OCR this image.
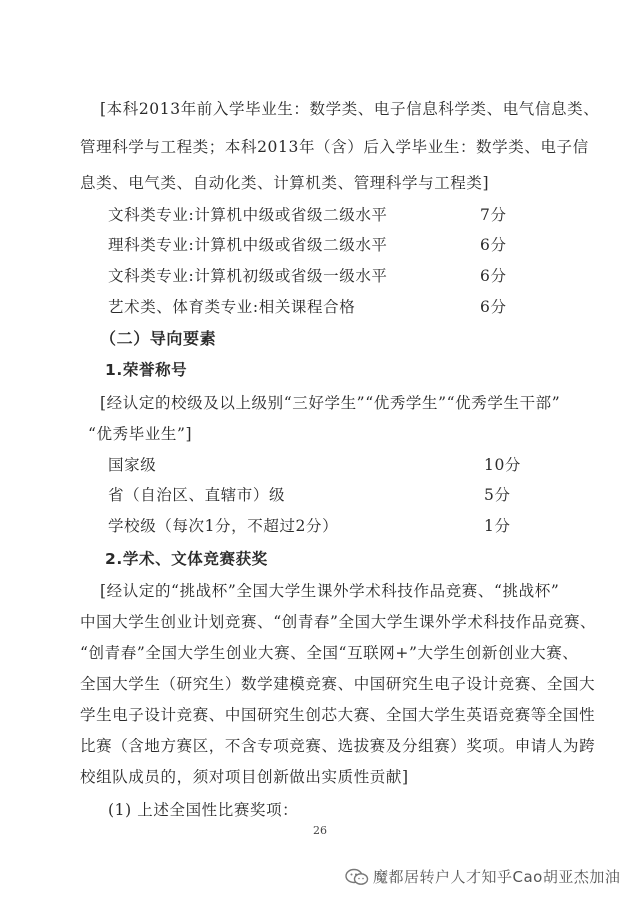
[本科2013年前入学毕业生：数学类、电子信息科学类、电气信息类、
管理科学与工程类；本科2013年（含）后入学毕业生：数学类、电子信
息类、电气类、自动化类、计算机类、管理科学与工程类]
文科类专业:计算机中级或省级二级水平	7分
理科类专业:计算机中级或省级二级水平	6分
文科类专业:计算机初级或省级一级水平	6分
艺术类、体育类专业:相关课程合格	6分
（二）导向要素
1.荣誉称号
[经认定的校级及以上级别“三好学生”“优秀学生”“优秀学生干部”
“优秀毕业生”]
国家级	10分
省（自治区、直辖市）级	5分
学校级（每次1分，不超过2分）	1分
2.学术、文体竞赛获奖
[经认定的“挑战杯”全国大学生课外学术科技作品竞赛、“挑战杯”
中国大学生创业计划竞赛、“创青春”全国大学生课外学术科技作品竞赛、
“创青春”全国大学生创业大赛、全国“互联网+”大学生创新创业大赛、
全国大学生（研究生）数学建模竞赛、中国研究生电子设计竞赛、全国大
学生电子设计竞赛、中国研究生创芯大赛、全国大学生英语竞赛等全国性
比赛（含地方赛区，不含专项竞赛、选拔赛及分组赛）奖项。申请人为跨
校组队成员的，须对项目创新做出实质性贡献]
(1) 上述全国性比赛奖项：
26
魔都居转户人才知乎Cao胡亚杰加油
